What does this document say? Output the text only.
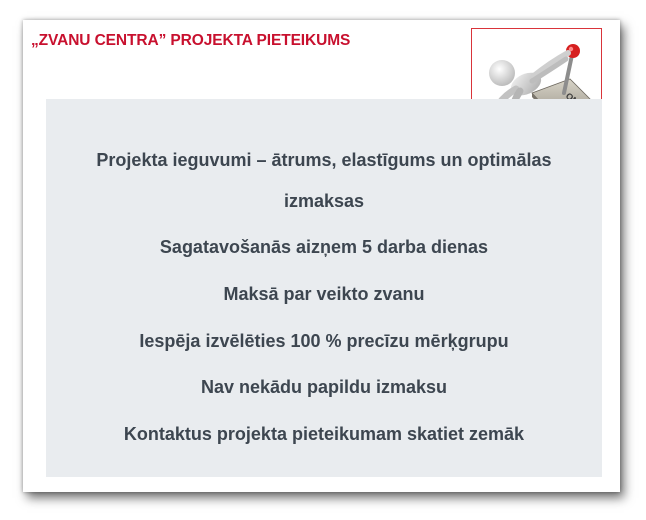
„ZVANU CENTRA” PROJEKTA PIETEIKUMS
Projekta ieguvumi – ātrums, elastīgums un optimālas
izmaksas
Sagatavošanās aizņem 5 darba dienas
Maksā par veikto zvanu
Iespēja izvēlēties 100 % precīzu mērķgrupu
Nav nekādu papildu izmaksu
Kontaktus projekta pieteikumam skatiet zemāk
